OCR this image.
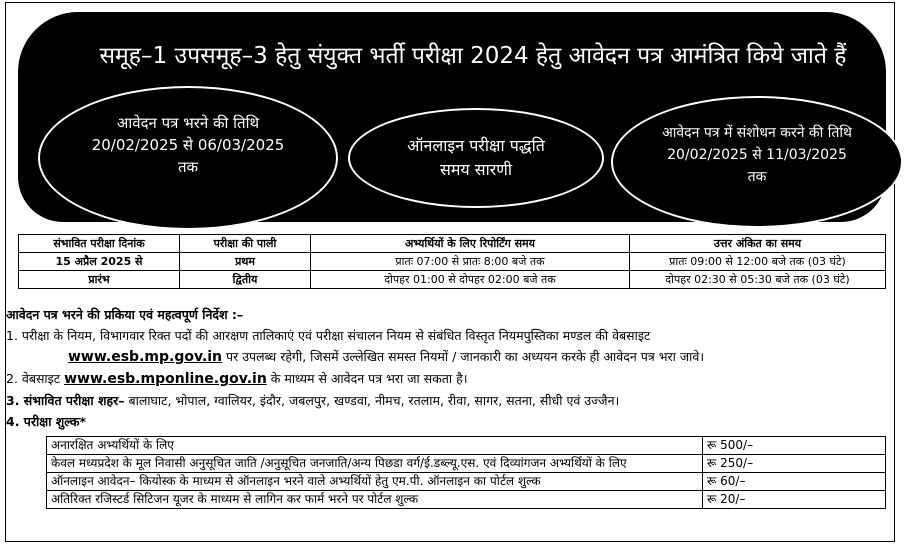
समूह–1 उपसमूह–3 हेतु संयुक्त भर्ती परीक्षा 2024 हेतु आवेदन पत्र आमंत्रित किये जाते हैं
आवेदन पत्र भरने की तिथि
20/02/2025 से 06/03/2025
तक
ऑनलाइन परीक्षा पद्धति
समय सारणी
आवेदन पत्र में संशोधन करने की तिथि
20/02/2025 से 11/03/2025
तक
संभावित परीक्षा दिनांक	परीक्षा की पाली	अभ्यर्थियों के लिए रिपोर्टिंग समय	उत्तर अंकित का समय
15 अप्रैल 2025 से	प्रथम	प्रातः 07:00 से प्रातः 8:00 बजे तक	प्रातः 09:00 से 12:00 बजे तक (03 घंटे)
प्रारंभ	द्वितीय	दोपहर 01:00 से दोपहर 02:00 बजे तक	दोपहर 02:30 से 05:30 बजे तक (03 घंटे)
आवेदन पत्र भरने की प्रकिया एवं महत्वपूर्ण निर्देश :–
1. परीक्षा के नियम, विभागवार रिक्त पदों की आरक्षण तालिकाएं एवं परीक्षा संचालन नियम से संबंधित विस्तृत नियमपुस्तिका मण्डल की वेबसाइट
www.esb.mp.gov.in पर उपलब्ध रहेगी, जिसमें उल्लेखित समस्त नियमों / जानकारी का अध्ययन करके ही आवेदन पत्र भरा जावे।
2. वेबसाइट www.esb.mponline.gov.in के माध्यम से आवेदन पत्र भरा जा सकता है।
3. संभावित परीक्षा शहर– बालाघाट, भोपाल, ग्वालियर, इंदौर, जबलपुर, खण्डवा, नीमच, रतलाम, रीवा, सागर, सतना, सीधी एवं उज्जैन।
4. परीक्षा शुल्क*
अनारक्षित अभ्यर्थियों के लिए	रू 500/–
केवल मध्यप्रदेश के मूल निवासी अनुसूचित जाति /अनुसूचित जनजाति/अन्य पिछडा वर्ग/ई.डब्ल्यू.एस. एवं दिव्यांगजन अभ्यर्थियों के लिए	रू 250/–
ऑनलाइन आवेदन– कियोस्क के माध्यम से ऑनलाइन भरने वाले अभ्यर्थियों हेतु एम.पी. ऑनलाइन का पोर्टल शुल्क	रू 60/–
अतिरिक्त रजिस्टर्ड सिटिजन यूजर के माध्यम से लागिन कर फार्म भरने पर पोर्टल शुल्क	रू 20/–
